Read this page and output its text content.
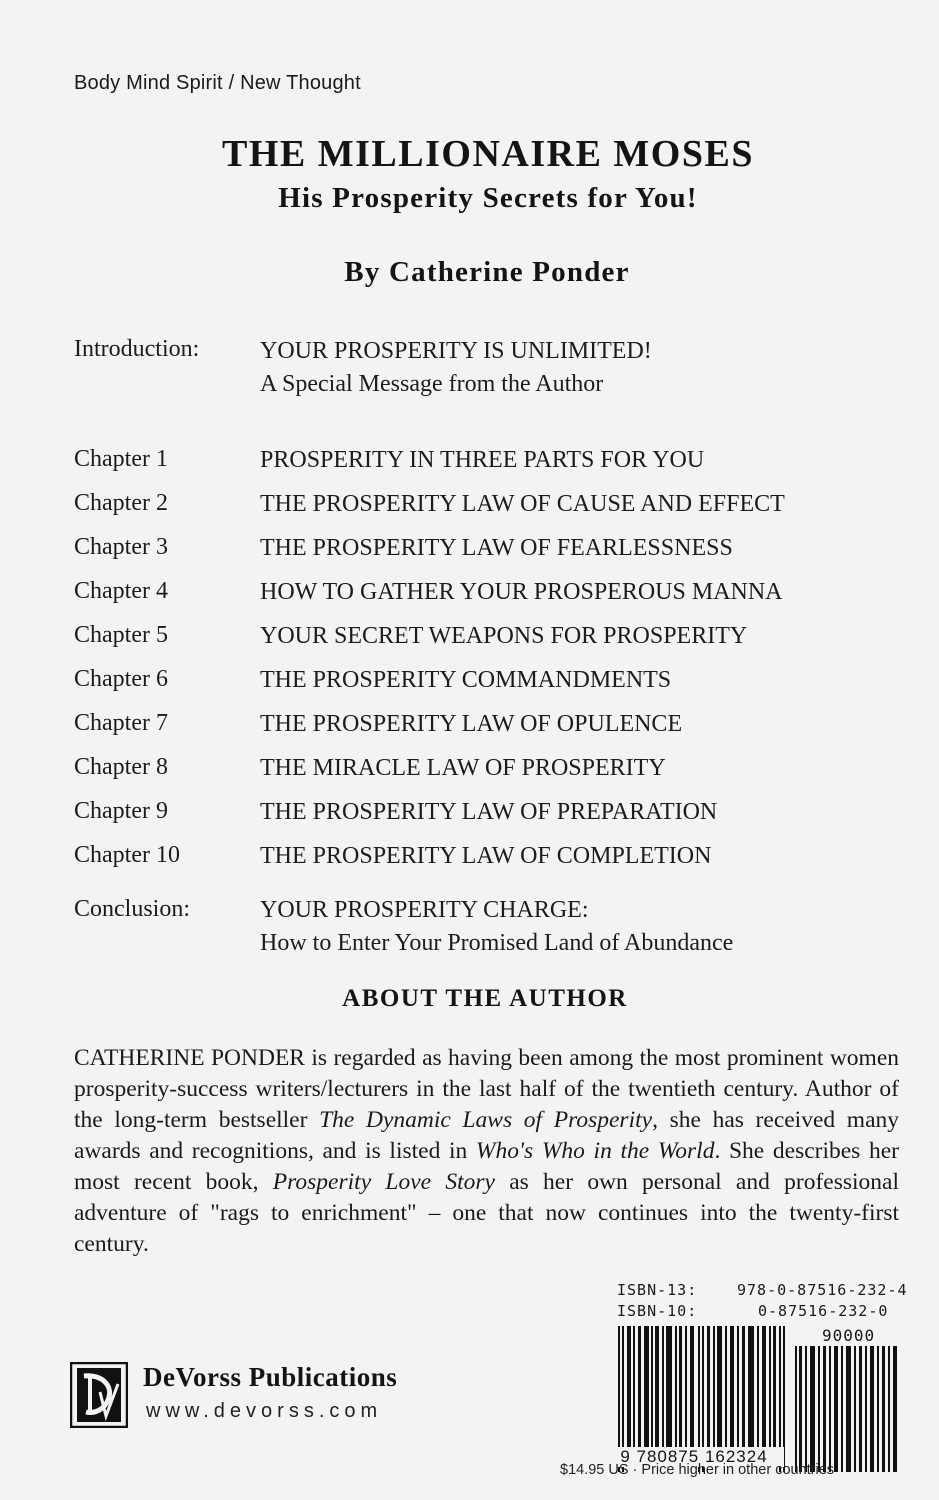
Body Mind Spirit / New Thought
THE MILLIONAIRE MOSES
His Prosperity Secrets for You!
By Catherine Ponder
Introduction:	YOUR PROSPERITY IS UNLIMITED!
A Special Message from the Author
Chapter 1	PROSPERITY IN THREE PARTS FOR YOU
Chapter 2	THE PROSPERITY LAW OF CAUSE AND EFFECT
Chapter 3	THE PROSPERITY LAW OF FEARLESSNESS
Chapter 4	HOW TO GATHER YOUR PROSPEROUS MANNA
Chapter 5	YOUR SECRET WEAPONS FOR PROSPERITY
Chapter 6	THE PROSPERITY COMMANDMENTS
Chapter 7	THE PROSPERITY LAW OF OPULENCE
Chapter 8	THE MIRACLE LAW OF PROSPERITY
Chapter 9	THE PROSPERITY LAW OF PREPARATION
Chapter 10	THE PROSPERITY LAW OF COMPLETION
Conclusion:	YOUR PROSPERITY CHARGE:
How to Enter Your Promised Land of Abundance
ABOUT THE AUTHOR
CATHERINE PONDER is regarded as having been among the most prominent women prosperity-success writers/lecturers in the last half of the twentieth century. Author of the long-term bestseller The Dynamic Laws of Prosperity, she has received many awards and recognitions, and is listed in Who's Who in the World. She describes her most recent book, Prosperity Love Story as her own personal and professional adventure of "rags to enrichment" – one that now continues into the twenty-first century.
ISBN-13:	978-0-87516-232-4
ISBN-10:	0-87516-232-0
90000
9 780875 162324
$14.95 US · Price higher in other countries
DeVorss Publications
www.devorss.com
